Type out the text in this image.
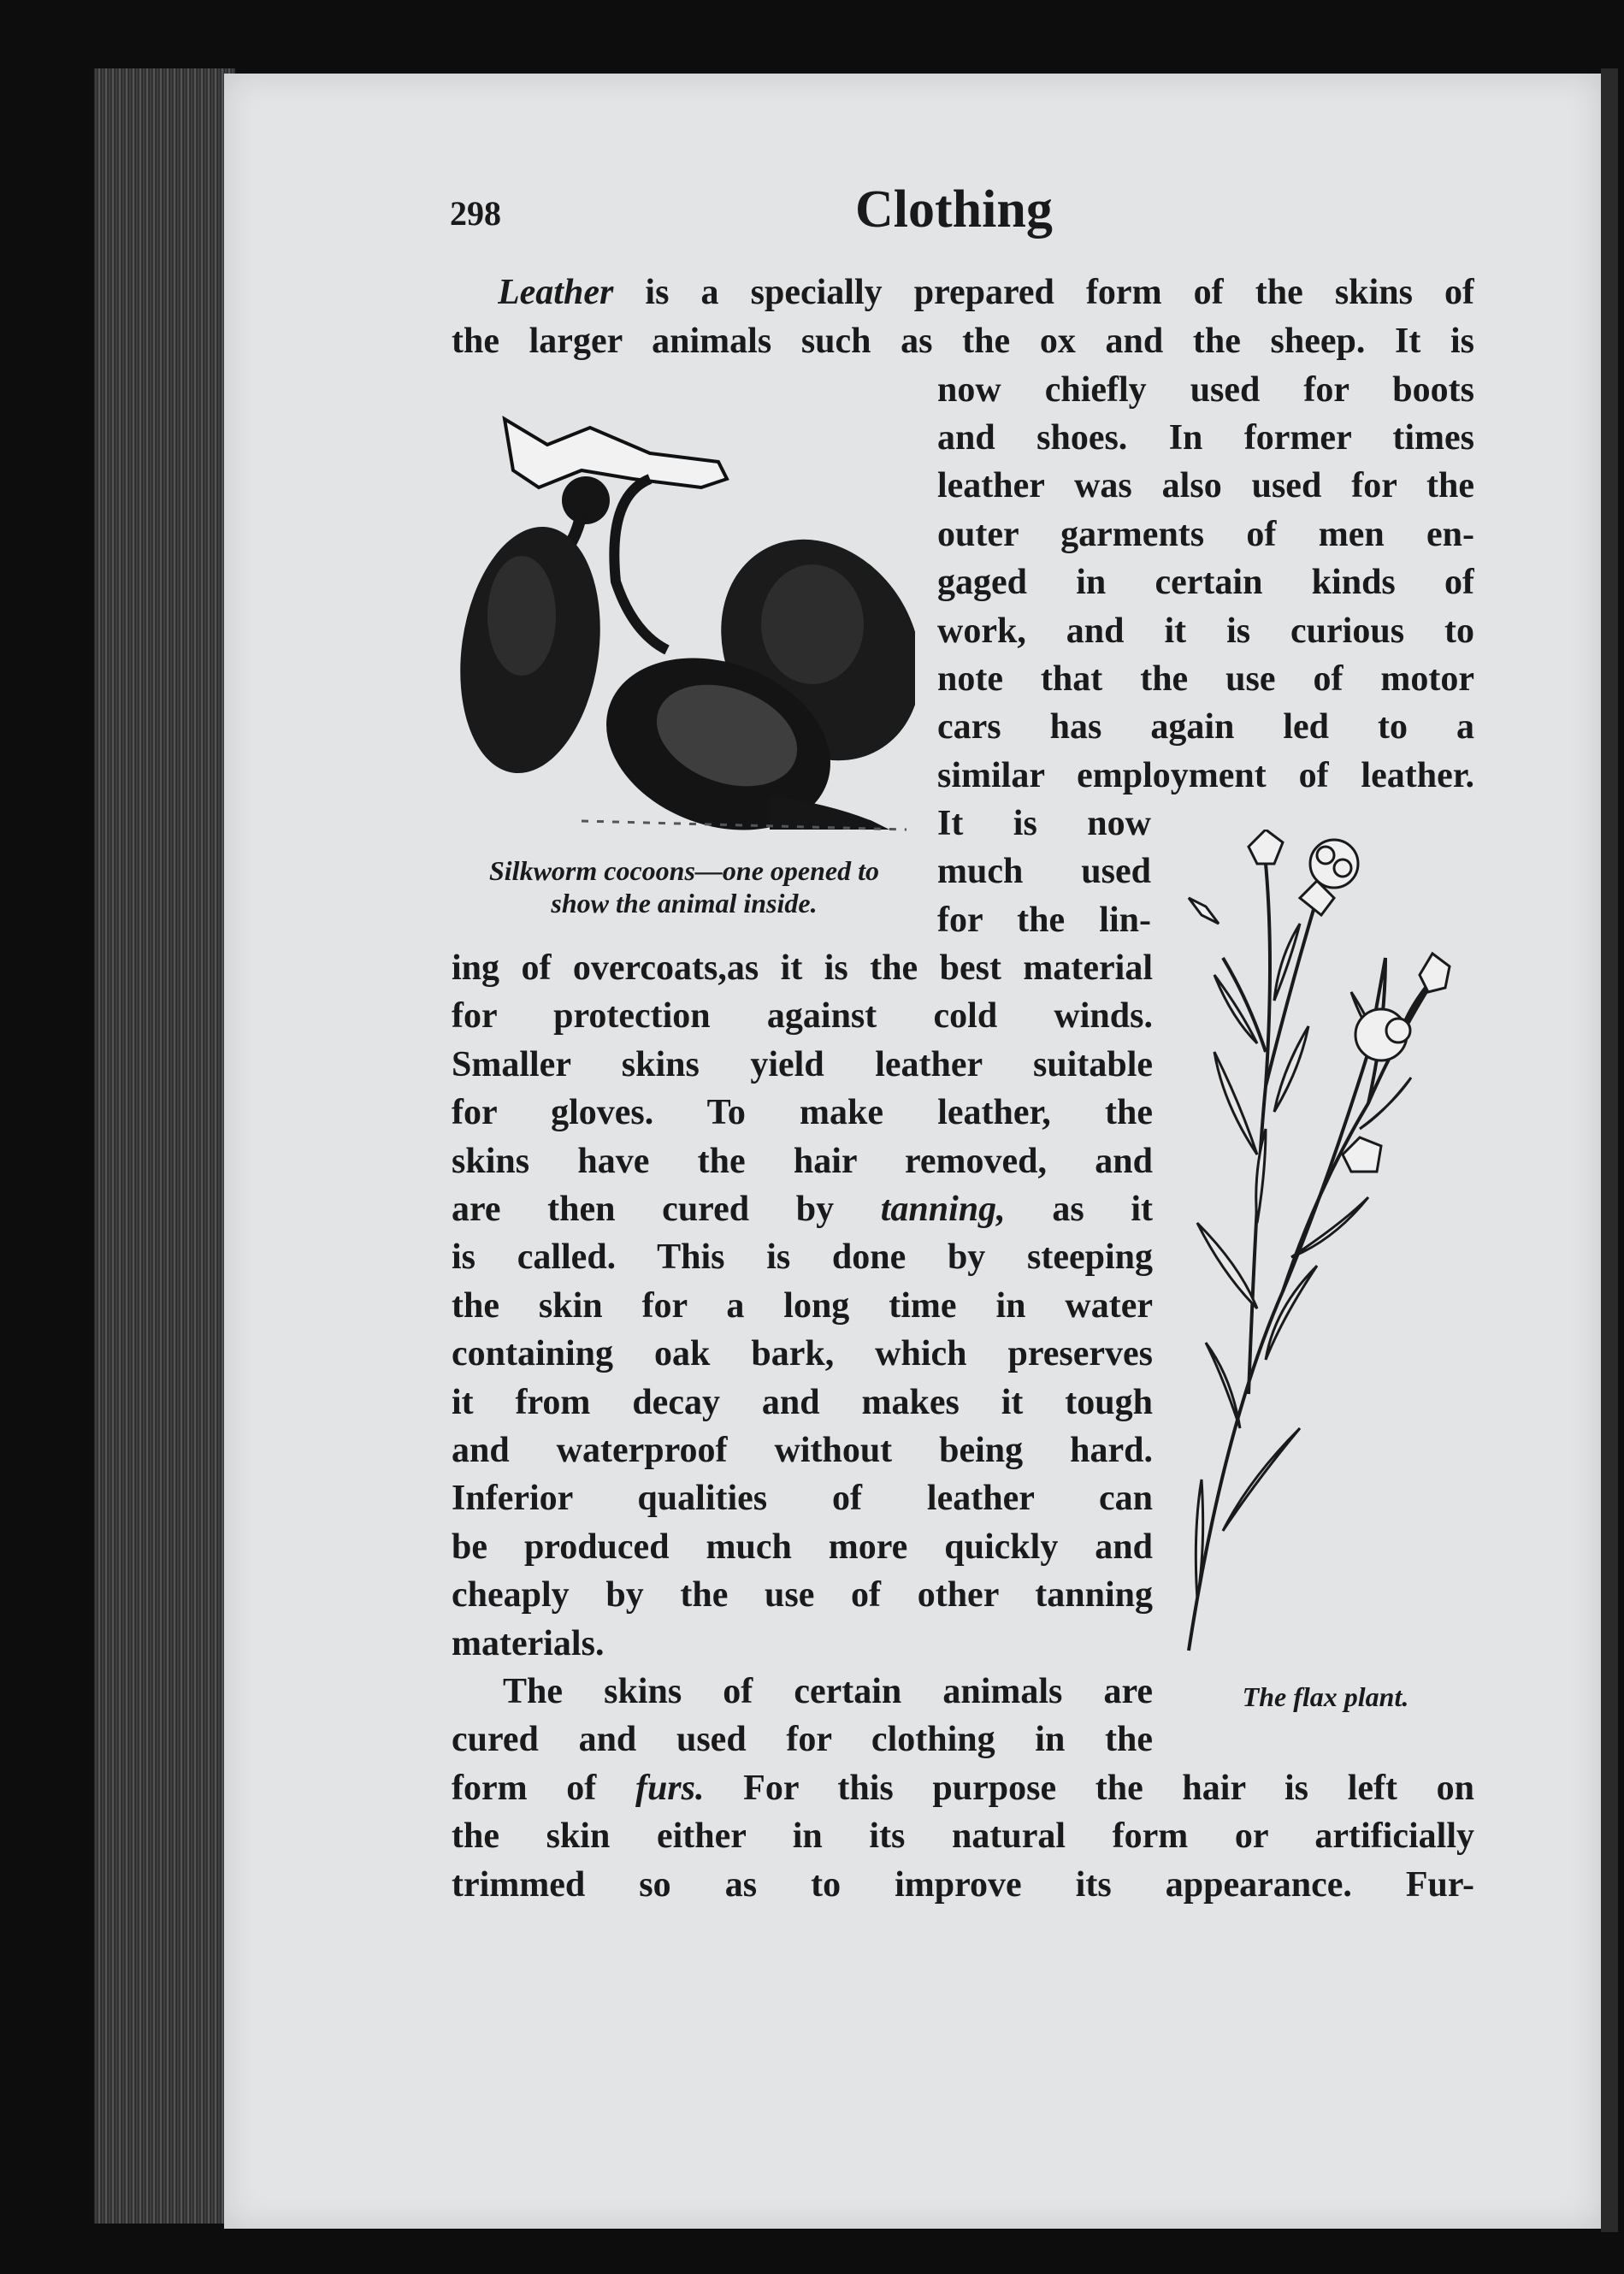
298	Clothing

Leather is a specially prepared form of the skins of

the larger animals such as the ox and the sheep. It is

now chiefly used for boots

and shoes. In former times

leather was also used for the

outer garments of men en-

gaged in certain kinds of

work, and it is curious to

note that the use of motor

cars has again led to a

similar employment of leather.

It is now

much used

for the lin-

ing of overcoats,as it is the best material

for protection against cold winds.

Smaller skins yield leather suitable

for gloves. To make leather, the

skins have the hair removed, and

are then cured by tanning, as it

is called. This is done by steeping

the skin for a long time in water

containing oak bark, which preserves

it from decay and makes it tough

and waterproof without being hard.

Inferior qualities of leather can

be produced much more quickly and

cheaply by the use of other tanning

materials.

The skins of certain animals are

cured and used for clothing in the

form of furs. For this purpose the hair is left on

the skin either in its natural form or artificially

trimmed so as to improve its appearance. Fur-

Silkworm cocoons—one opened to

show the animal inside.

The flax plant.
